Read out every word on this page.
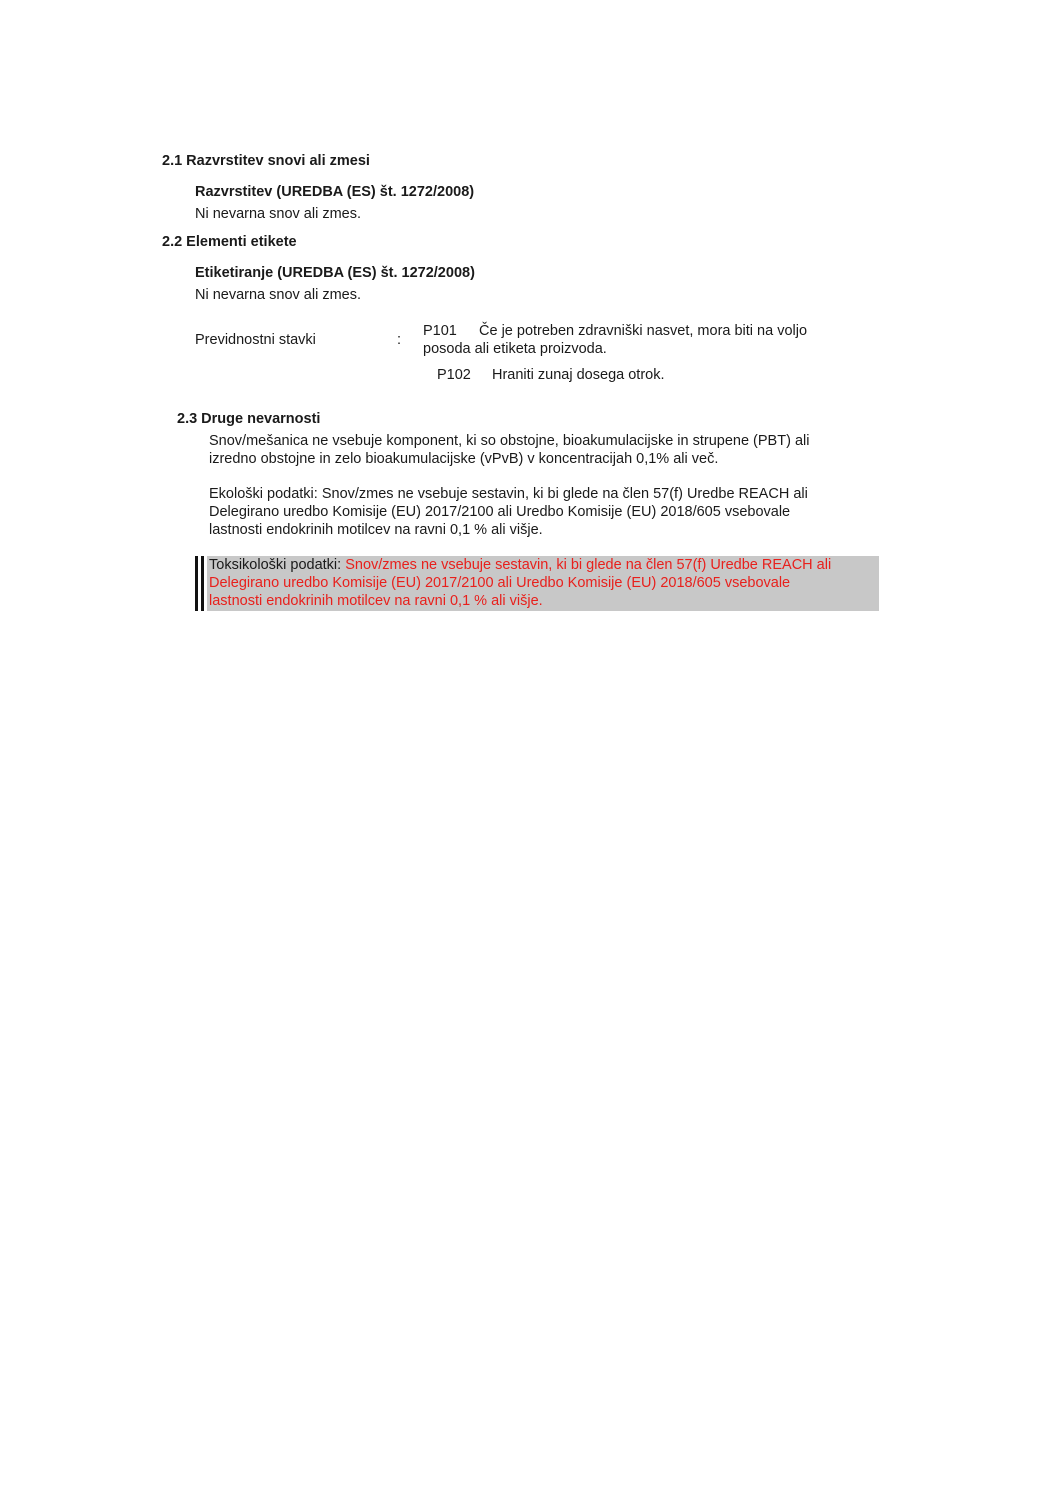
2.1 Razvrstitev snovi ali zmesi
Razvrstitev (UREDBA (ES) št. 1272/2008)
Ni nevarna snov ali zmes.
2.2 Elementi etikete
Etiketiranje (UREDBA (ES) št. 1272/2008)
Ni nevarna snov ali zmes.
Previdnostni stavki	:
P101 Če je potreben zdravniški nasvet, mora biti na voljo
posoda ali etiketa proizvoda.
P102 Hraniti zunaj dosega otrok.
2.3 Druge nevarnosti
Snov/mešanica ne vsebuje komponent, ki so obstojne, bioakumulacijske in strupene (PBT) ali
izredno obstojne in zelo bioakumulacijske (vPvB) v koncentracijah 0,1% ali več.
Ekološki podatki: Snov/zmes ne vsebuje sestavin, ki bi glede na člen 57(f) Uredbe REACH ali
Delegirano uredbo Komisije (EU) 2017/2100 ali Uredbo Komisije (EU) 2018/605 vsebovale
lastnosti endokrinih motilcev na ravni 0,1 % ali višje.
Toksikološki podatki: Snov/zmes ne vsebuje sestavin, ki bi glede na člen 57(f) Uredbe REACH ali
Delegirano uredbo Komisije (EU) 2017/2100 ali Uredbo Komisije (EU) 2018/605 vsebovale
lastnosti endokrinih motilcev na ravni 0,1 % ali višje.
